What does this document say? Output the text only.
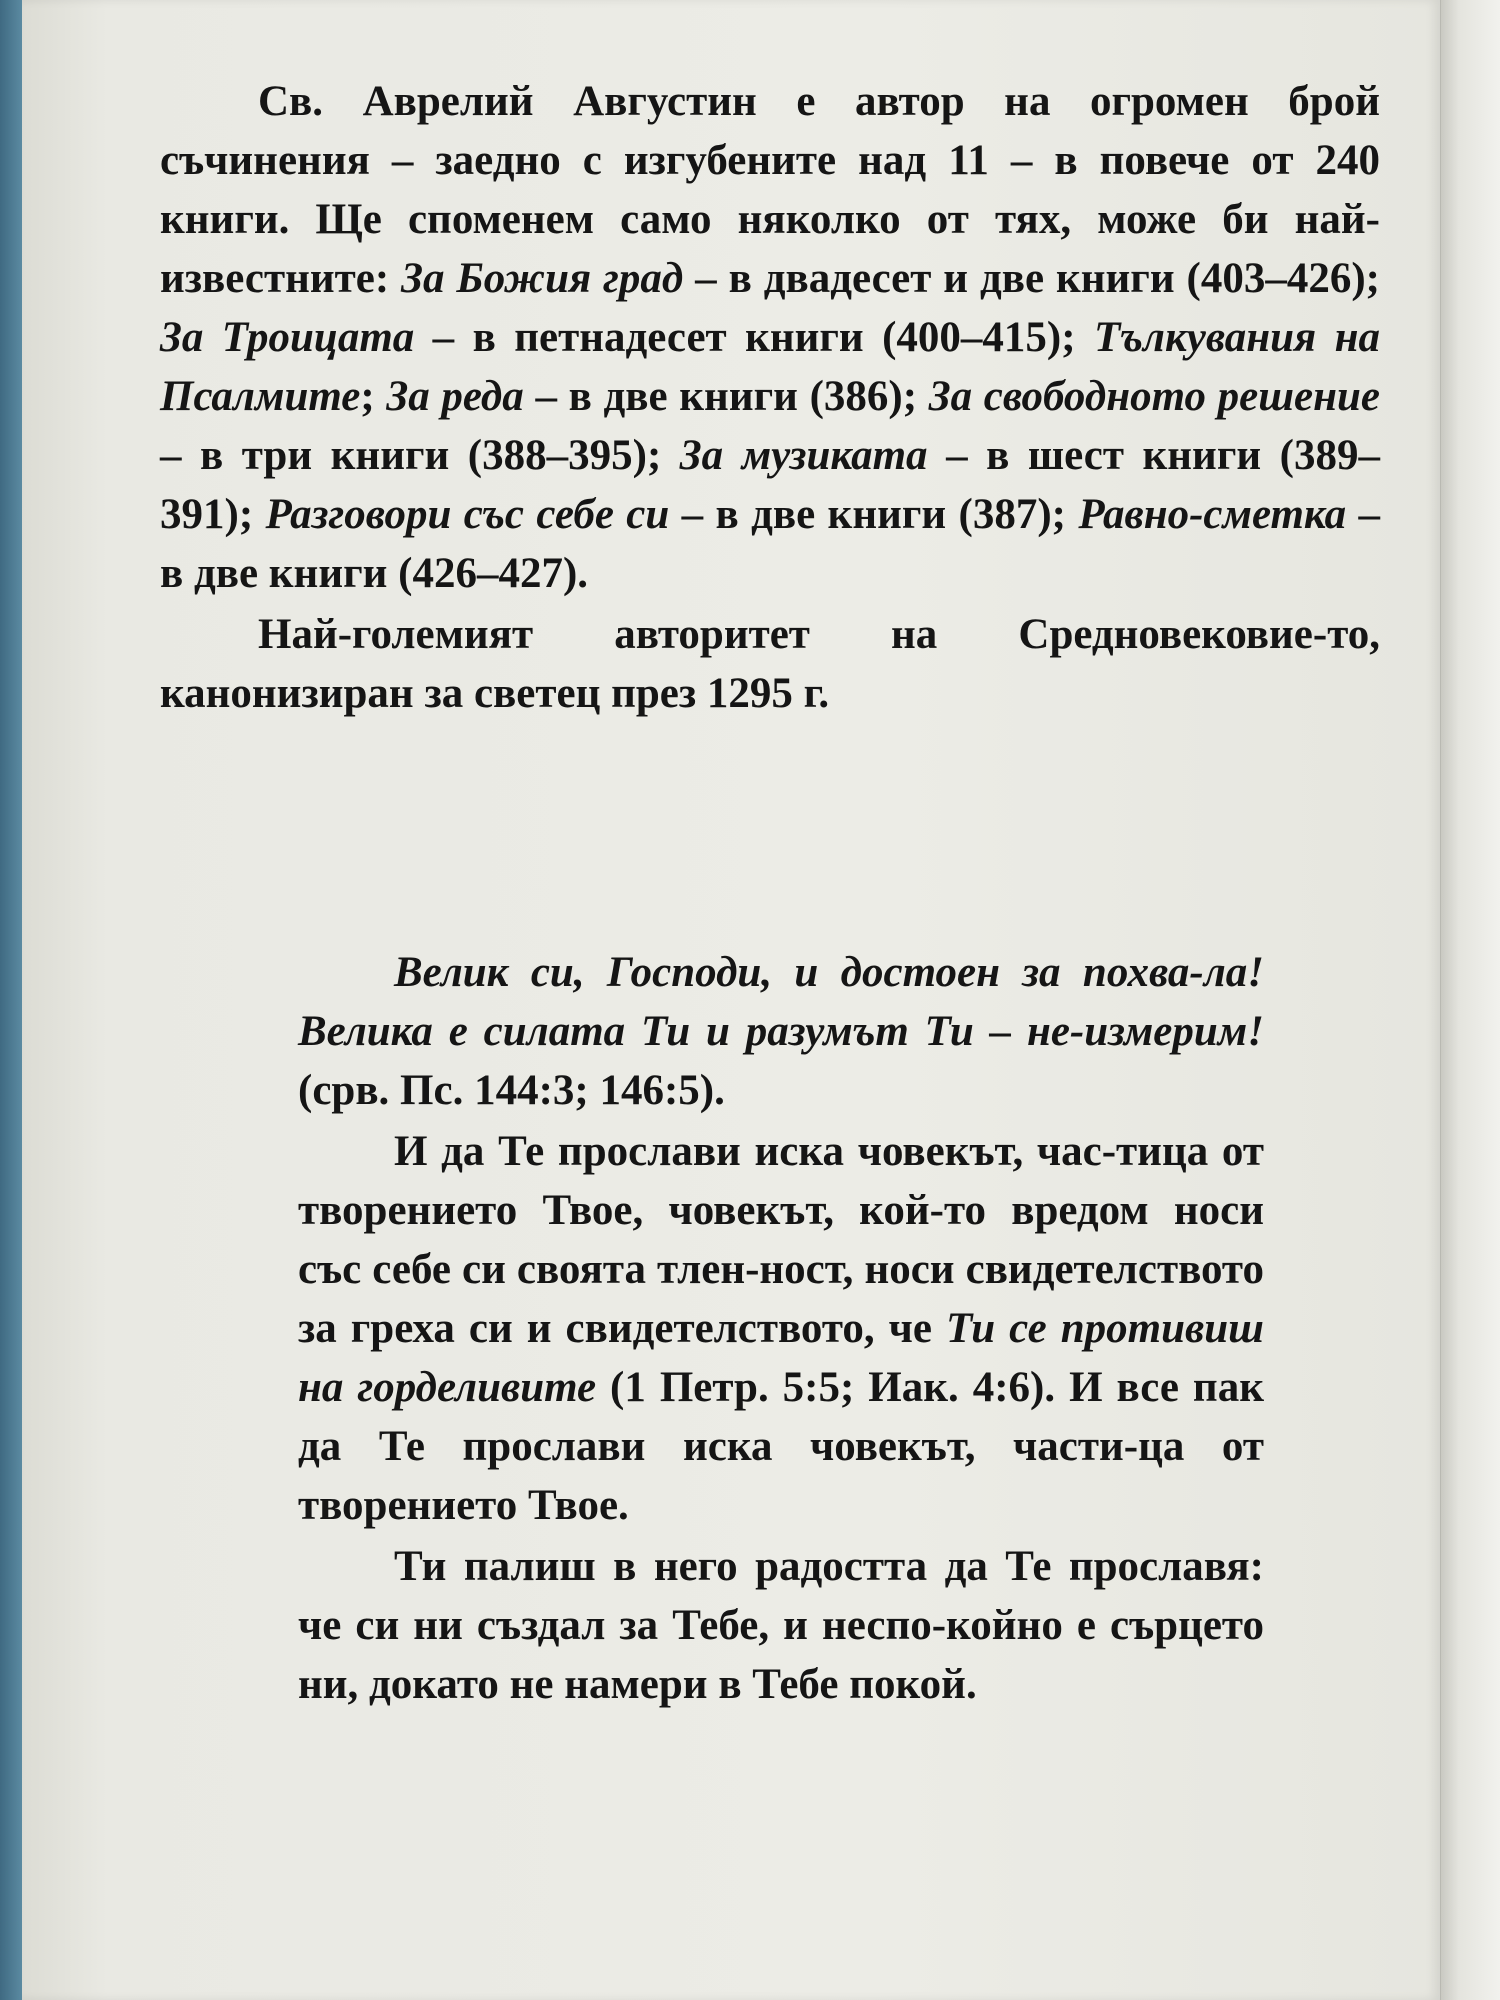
Св. Аврелий Августин е автор на огромен брой съчинения – заедно с изгубените над 11 – в повече от 240 книги. Ще споменем само няколко от тях, може би най-известните: За Божия град – в двадесет и две книги (403–426); За Троицата – в петнадесет книги (400–415); Тълкувания на Псалмите; За реда – в две книги (386); За свободното решение – в три книги (388–395); За музиката – в шест книги (389–391); Разговори със себе си – в две книги (387); Равно-сметка – в две книги (426–427).

Най-големият авторитет на Средновековие-то, канонизиран за светец през 1295 г.

Велик си, Господи, и достоен за похва-ла! Велика е силата Ти и разумът Ти – не-измерим! (срв. Пс. 144:3; 146:5).

И да Те прослави иска човекът, час-тица от творението Твое, човекът, кой-то вредом носи със себе си своята тлен-ност, носи свидетелството за греха си и свидетелството, че Ти се противиш на горделивите (1 Петр. 5:5; Иак. 4:6). И все пак да Те прослави иска човекът, части-ца от творението Твое.

Ти палиш в него радостта да Те прославя: че си ни създал за Тебе, и неспо-койно е сърцето ни, докато не намери в Тебе покой.
